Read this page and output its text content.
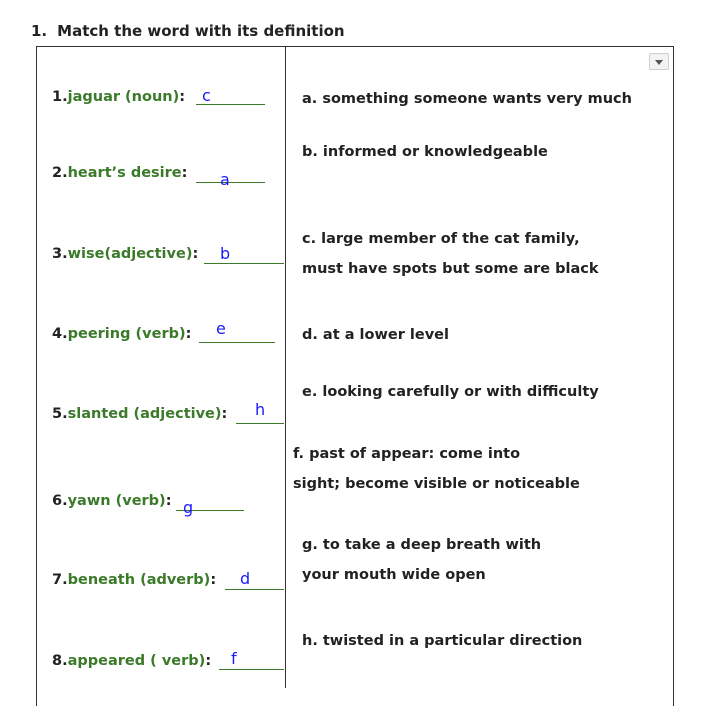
1. Match the word with its definition
1.jaguar (noun): c
2.heart’s desire: a
3.wise(adjective): b
4.peering (verb): e
5.slanted (adjective): h
6.yawn (verb): g
7.beneath (adverb): d
8.appeared ( verb): f
a. something someone wants very much
b. informed or knowledgeable
c. large member of the cat family,
must have spots but some are black
d. at a lower level
e. looking carefully or with difficulty
f. past of appear: come into
sight; become visible or noticeable
g. to take a deep breath with
your mouth wide open
h. twisted in a particular direction
